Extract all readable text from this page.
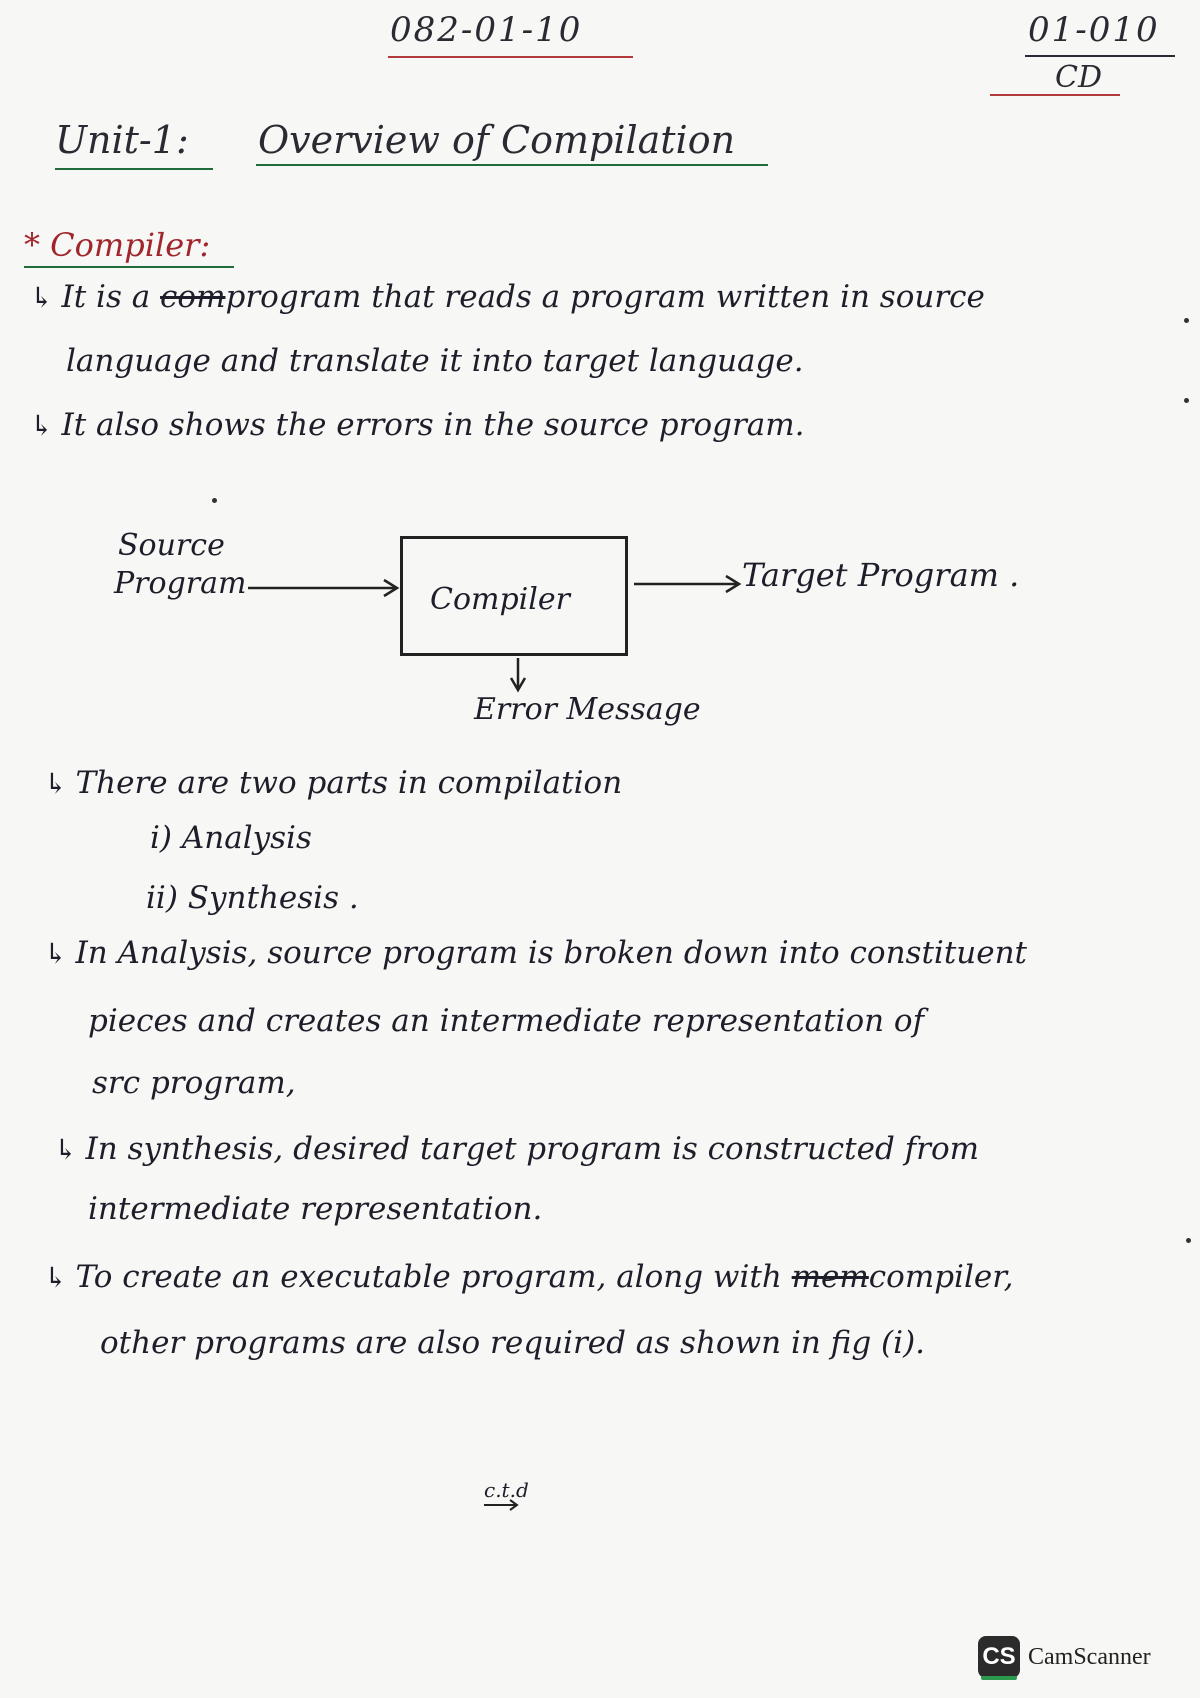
082-01-10	01-010
CD
Unit-1: Overview of Compilation
* Compiler:
↳ It is a comprogram that reads a program written in source
language and translate it into target language.
↳ It also shows the errors in the source program.
Source
Program	Compiler
Target Program .
Error Message
↳ There are two parts in compilation
i) Analysis
ii) Synthesis .
↳ In Analysis, source program is broken down into constituent
pieces and creates an intermediate representation of
src program,
↳ In synthesis, desired target program is constructed from
intermediate representation.
↳ To create an executable program, along with memcompiler,
other programs are also required as shown in fig (i).
c.t.d
CS CamScanner
